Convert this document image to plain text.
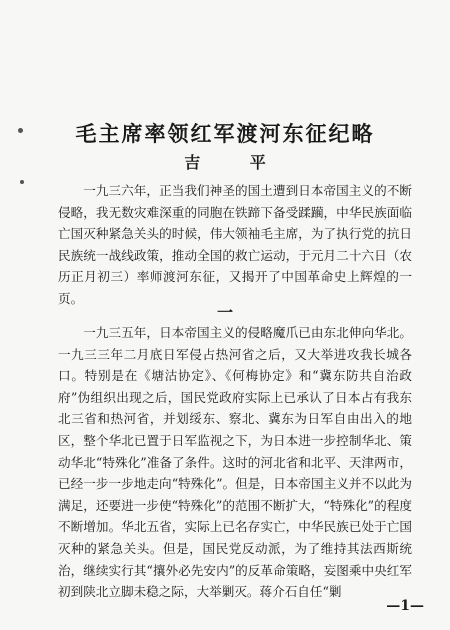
毛主席率领红军渡河东征纪略
吉 平

一九三六年，正当我们神圣的国土遭到日本帝国主义的不断侵略，我无数灾难深重的同胞在铁蹄下备受蹂躏，中华民族面临亡国灭种紧急关头的时候，伟大领袖毛主席，为了执行党的抗日民族统一战线政策，推动全国的救亡运动，于元月二十六日（农历正月初三）率师渡河东征，又揭开了中国革命史上辉煌的一页。

一

一九三五年，日本帝国主义的侵略魔爪已由东北伸向华北。一九三三年二月底日军侵占热河省之后，又大举进攻我长城各口。特别是在《塘沽协定》、《何梅协定》和“冀东防共自治政府”伪组织出现之后，国民党政府实际上已承认了日本占有我东北三省和热河省，并划绥东、察北、冀东为日军自由出入的地区，整个华北已置于日军监视之下，为日本进一步控制华北、策动华北“特殊化”准备了条件。这时的河北省和北平、天津两市，已经一步一步地走向“特殊化”。但是，日本帝国主义并不以此为满足，还要进一步使“特殊化”的范围不断扩大，“特殊化”的程度不断增加。华北五省，实际上已名存实亡，中华民族已处于亡国灭种的紧急关头。但是，国民党反动派，为了维持其法西斯统治，继续实行其“攘外必先安内”的反革命策略，妄图乘中央红军初到陕北立脚未稳之际，大举剿灭。蒋介石自任“剿

—1—
